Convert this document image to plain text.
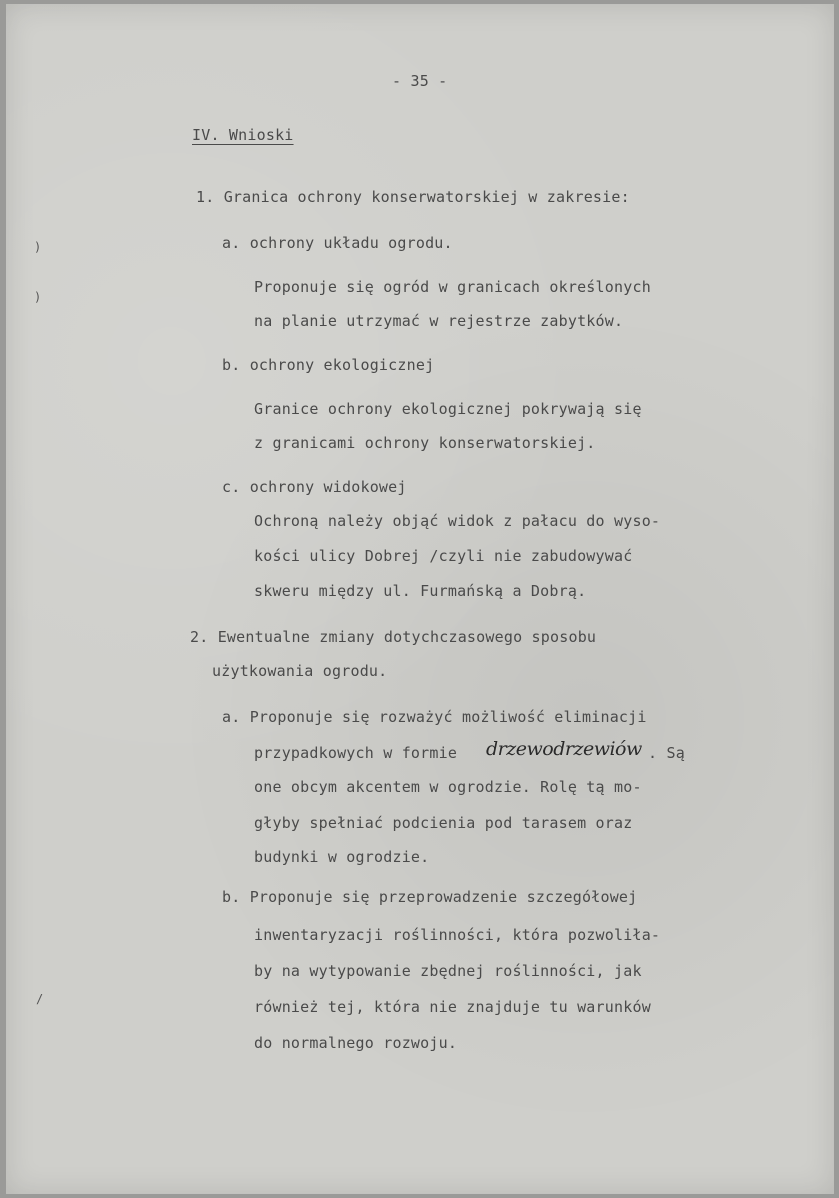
- 35 -
IV. Wnioski
1. Granica ochrony konserwatorskiej w zakresie:
a. ochrony układu ogrodu.
Proponuje się ogród w granicach określonych
na planie utrzymać w rejestrze zabytków.
b. ochrony ekologicznej
Granice ochrony ekologicznej pokrywają się
z granicami ochrony konserwatorskiej.
c. ochrony widokowej
Ochroną należy objąć widok z pałacu do wyso-
kości ulicy Dobrej /czyli nie zabudowywać
skweru między ul. Furmańską a Dobrą.
2. Ewentualne zmiany dotychczasowego sposobu
użytkowania ogrodu.
a. Proponuje się rozważyć możliwość eliminacji
przypadkowych w formie drzewodrzewiów . Są
one obcym akcentem w ogrodzie. Rolę tą mo-
głyby spełniać podcienia pod tarasem oraz
budynki w ogrodzie.
b. Proponuje się przeprowadzenie szczegółowej
inwentaryzacji roślinności, która pozwoliła-
by na wytypowanie zbędnej roślinności, jak
również tej, która nie znajduje tu warunków
do normalnego rozwoju.
)
)
/
